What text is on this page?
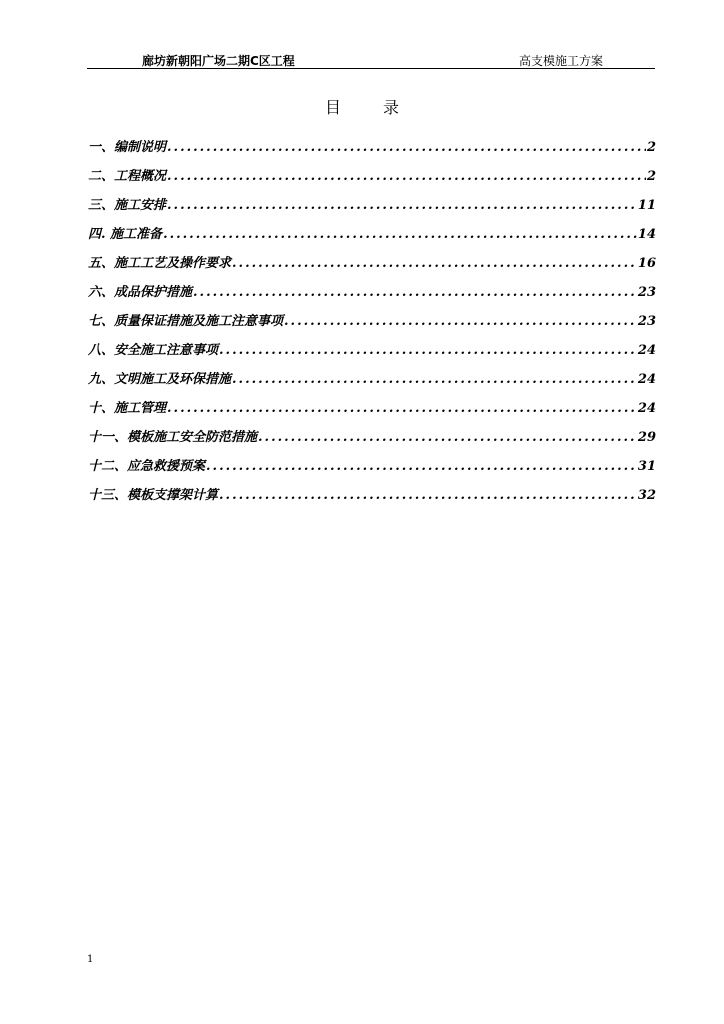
廊坊新朝阳广场二期C区工程	高支模施工方案
目	录
一、编制说明 .....	2
二、工程概况 .....	2
三、施工安排 .....	11
四. 施工准备 .....	14
五、施工工艺及操作要求 .....	16
六、成品保护措施 .....	23
七、质量保证措施及施工注意事项 .....	23
八、安全施工注意事项 .....	24
九、文明施工及环保措施 .....	24
十、施工管理 .....	24
十一、模板施工安全防范措施 .....	29
十二、应急救援预案 .....	31
十三、模板支撑架计算 .....	32
1
